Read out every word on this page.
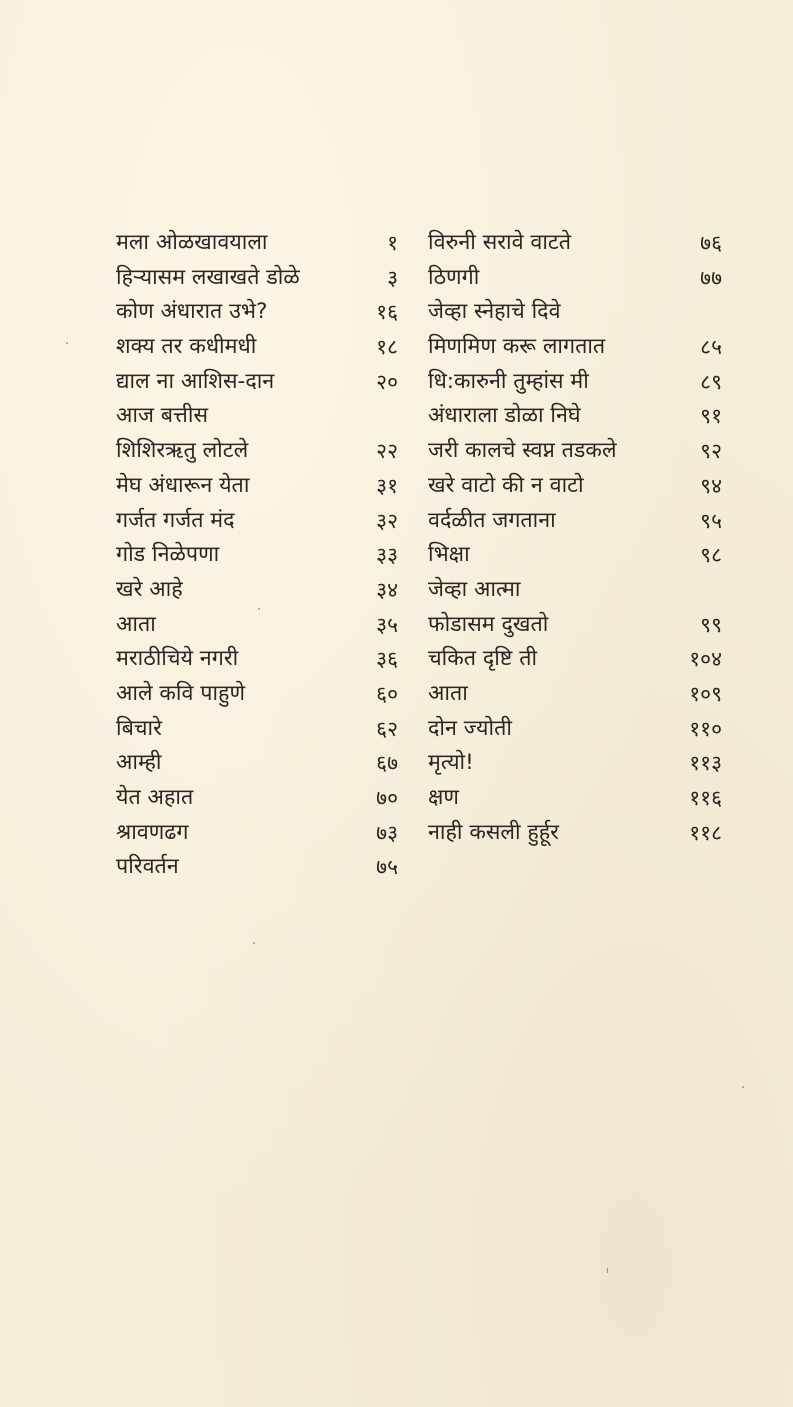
मला ओळखावयाला	१
हिऱ्यासम लखाखते डोळे	३
कोण अंधारात उभे?	१६
शक्य तर कधीमधी	१८
द्याल ना आशिस-दान	२०
आज बत्तीस
शिशिरऋतु लोटले	२२
मेघ अंधारून येता	३१
गर्जत गर्जत मंद	३२
गोड निळेपणा	३३
खरे आहे	३४
आता	३५
मराठीचिये नगरी	३६
आले कवि पाहुणे	६०
बिचारे	६२
आम्ही	६७
येत अहात	७०
श्रावणढग	७३
परिवर्तन	७५
विरुनी सरावे वाटते	७६
ठिणगी	७७
जेव्हा स्नेहाचे दिवे
मिणमिण करू लागतात	८५
धि:कारुनी तुम्हांस मी	८९
अंधाराला डोळा निघे	९१
जरी कालचे स्वप्न तडकले	९२
खरे वाटो की न वाटो	९४
वर्दळीत जगताना	९५
भिक्षा	९८
जेव्हा आत्मा
फोडासम दुखतो	९९
चकित दृष्टि ती	१०४
आता	१०९
दोन ज्योती	११०
मृत्यो!	११३
क्षण	११६
नाही कसली हुर्हूर	११८
